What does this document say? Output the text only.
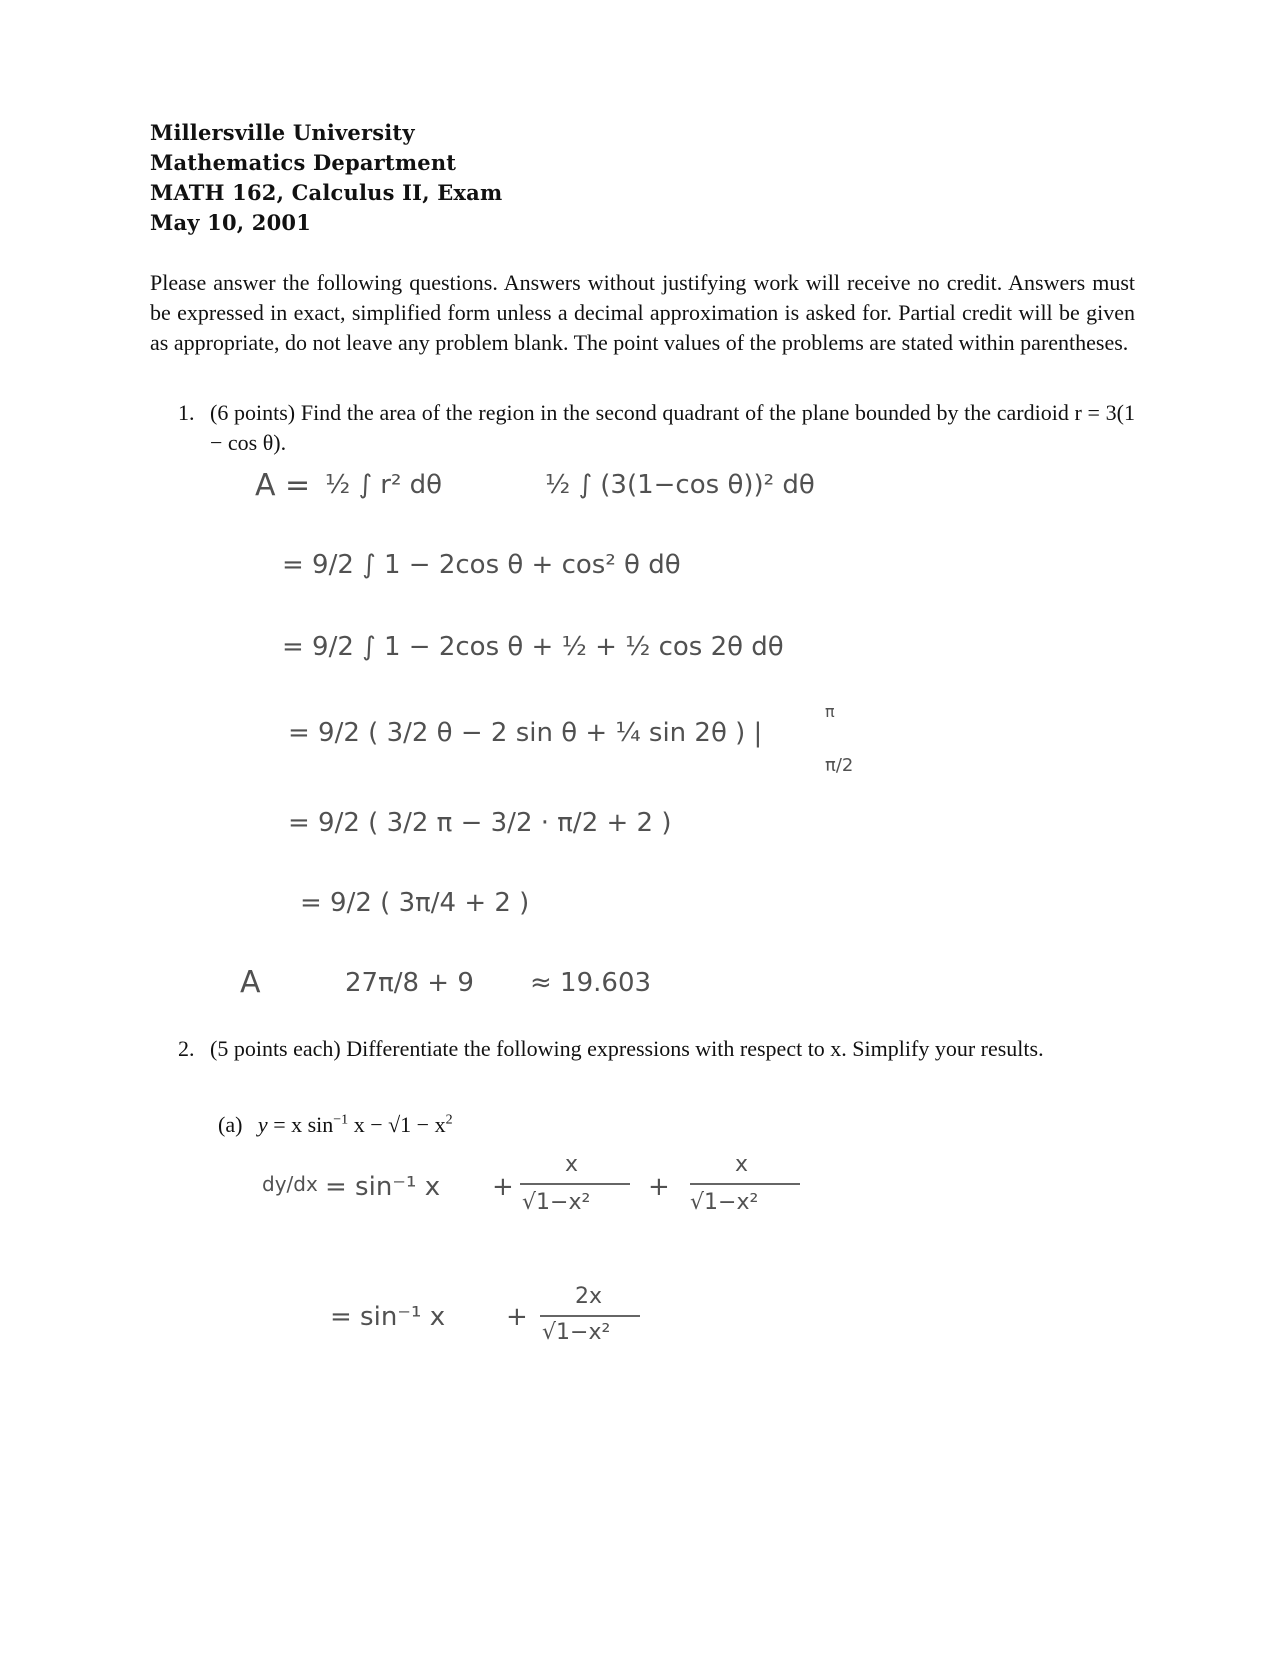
Millersville University
Mathematics Department
MATH 162, Calculus II, Exam
May 10, 2001
Please answer the following questions. Answers without justifying work will receive no credit. Answers must be expressed in exact, simplified form unless a decimal approximation is asked for. Partial credit will be given as appropriate, do not leave any problem blank. The point values of the problems are stated within parentheses.
1. (6 points) Find the area of the region in the second quadrant of the plane bounded by the cardioid r = 3(1 − cos θ).
A = ½ ∫ r² dθ	½ ∫ (3(1−cos θ))² dθ
= 9/2 ∫ 1 − 2cos θ + cos² θ dθ
= 9/2 ∫ 1 − 2cos θ + ½ + ½ cos 2θ dθ
= 9/2 ( 3/2 θ − 2 sin θ + ¼ sin 2θ ) |
π
π/2
= 9/2 ( 3/2 π − 3/2 · π/2 + 2 )
= 9/2 ( 3π/4 + 2 )
A	27π/8 + 9 ≈ 19.603
2. (5 points each) Differentiate the following expressions with respect to x. Simplify your results.
(a) y = x $\sin^{-1} x - √1 - x^2$
dy/dx = sin⁻¹ x +
x
√1−x²
+
x
√1−x²
= sin⁻¹ x +
2x
√1−x²
